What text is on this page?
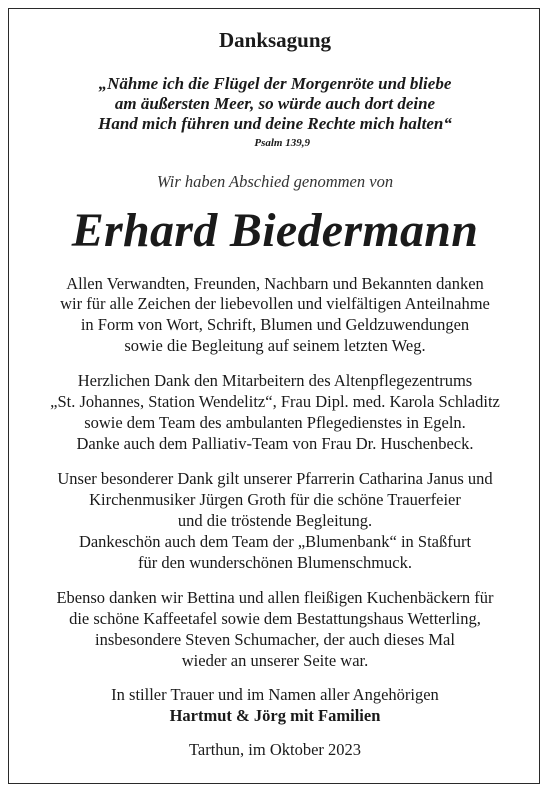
Danksagung
„Nähme ich die Flügel der Morgenröte und bliebe
am äußersten Meer, so würde auch dort deine
Hand mich führen und deine Rechte mich halten“
Psalm 139,9
Wir haben Abschied genommen von
Erhard Biedermann
Allen Verwandten, Freunden, Nachbarn und Bekannten danken
wir für alle Zeichen der liebevollen und vielfältigen Anteilnahme
in Form von Wort, Schrift, Blumen und Geldzuwendungen
sowie die Begleitung auf seinem letzten Weg.
Herzlichen Dank den Mitarbeitern des Altenpflegezentrums
„St. Johannes, Station Wendelitz“, Frau Dipl. med. Karola Schladitz
sowie dem Team des ambulanten Pflegedienstes in Egeln.
Danke auch dem Palliativ-Team von Frau Dr. Huschenbeck.
Unser besonderer Dank gilt unserer Pfarrerin Catharina Janus und
Kirchenmusiker Jürgen Groth für die schöne Trauerfeier
und die tröstende Begleitung.
Dankeschön auch dem Team der „Blumenbank“ in Staßfurt
für den wunderschönen Blumenschmuck.
Ebenso danken wir Bettina und allen fleißigen Kuchenbäckern für
die schöne Kaffeetafel sowie dem Bestattungshaus Wetterling,
insbesondere Steven Schumacher, der auch dieses Mal
wieder an unserer Seite war.
In stiller Trauer und im Namen aller Angehörigen
Hartmut & Jörg mit Familien
Tarthun, im Oktober 2023
